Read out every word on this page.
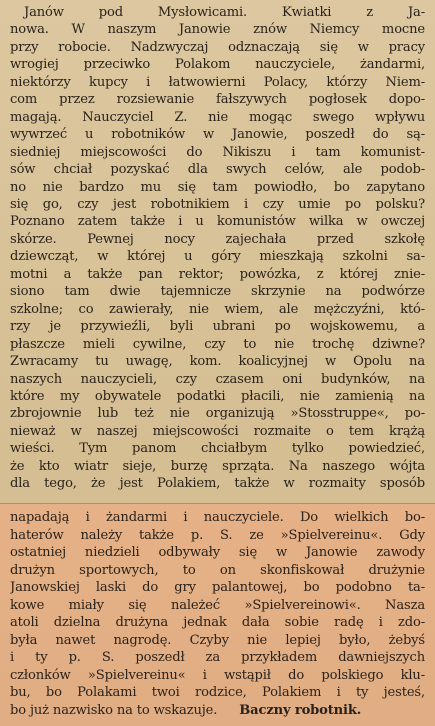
Janów pod Mysłowicami. Kwiatki z Ja-
nowa. W naszym Janowie znów Niemcy mocne
przy robocie. Nadzwyczaj odznaczają się w pracy
wrogiej przeciwko Polakom nauczyciele, żandarmi,
niektórzy kupcy i łatwowierni Polacy, którzy Niem-
com przez rozsiewanie fałszywych pogłosek dopo-
magają. Nauczyciel Z. nie mogąc swego wpływu
wywrzeć u robotników w Janowie, poszedł do są-
siedniej miejscowości do Nikiszu i tam komunist-
sów chciał pozyskać dla swych celów, ale podob-
no nie bardzo mu się tam powiodło, bo zapytano
się go, czy jest robotnikiem i czy umie po polsku?
Poznano zatem także i u komunistów wilka w owczej
skórze. Pewnej nocy zajechała przed szkołę
dziewcząt, w której u góry mieszkają szkolni sa-
motni a także pan rektor; powózka, z której znie-
siono tam dwie tajemnicze skrzynie na podwórze
szkolne; co zawierały, nie wiem, ale mężczyźni, któ-
rzy je przywieźli, byli ubrani po wojskowemu, a
płaszcze mieli cywilne, czy to nie trochę dziwne?
Zwracamy tu uwagę, kom. koalicyjnej w Opolu na
naszych nauczycieli, czy czasem oni budynków, na
które my obywatele podatki płacili, nie zamienią na
zbrojownie lub też nie organizują »Stosstruppe«, po-
nieważ w naszej miejscowości rozmaite o tem krążą
wieści. Tym panom chciałbym tylko powiedzieć,
że kto wiatr sieje, burzę sprząta. Na naszego wójta
dla tego, że jest Polakiem, także w rozmaity sposób
napadają i żandarmi i nauczyciele. Do wielkich bo-
haterów należy także p. S. ze »Spielvereinu«. Gdy
ostatniej niedzieli odbywały się w Janowie zawody
drużyn sportowych, to on skonfiskował drużynie
Janowskiej laski do gry palantowej, bo podobno ta-
kowe miały się należeć »Spielvereinowi«. Nasza
atoli dzielna drużyna jednak dała sobie radę i zdo-
była nawet nagrodę. Czyby nie lepiej było, żebyś
i ty p. S. poszedł za przykładem dawniejszych
członków »Spielvereinu« i wstąpił do polskiego klu-
bu, bo Polakami twoi rodzice, Polakiem i ty jesteś,
bo już nazwisko na to wskazuje. Baczny robotnik.
